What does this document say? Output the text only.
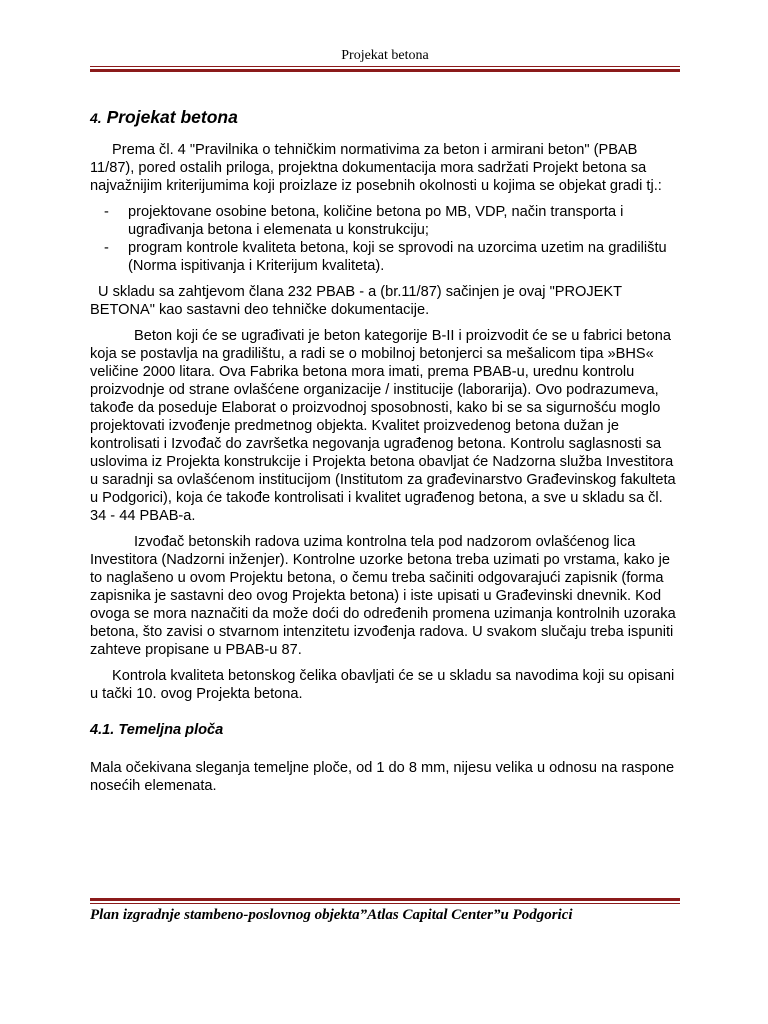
Projekat betona
4. Projekat betona

Prema čl. 4 "Pravilnika o tehničkim normativima za beton i armirani beton" (PBAB 11/87), pored ostalih priloga, projektna dokumentacija mora sadržati Projekt betona sa najvažnijim kriterijumima koji proizlaze iz posebnih okolnosti u kojima se objekat gradi tj.:

- projektovane osobine betona, količine betona po MB, VDP, način transporta i ugrađivanja betona i elemenata u konstrukciju;
- program kontrole kvaliteta betona, koji se sprovodi na uzorcima uzetim na gradilištu (Norma ispitivanja i Kriterijum kvaliteta).

U skladu sa zahtjevom člana 232 PBAB - a (br.11/87) sačinjen je ovaj "PROJEKT BETONA" kao sastavni deo tehničke dokumentacije.

Beton koji će se ugrađivati je beton kategorije B-II i proizvodit će se u fabrici betona koja se postavlja na gradilištu, a radi se o mobilnoj betonjerci sa mešalicom tipa »BHS« veličine 2000 litara. Ova Fabrika betona mora imati, prema PBAB-u, urednu kontrolu proizvodnje od strane ovlašćene organizacije / institucije (laborarija). Ovo podrazumeva, takođe da poseduje Elaborat o proizvodnoj sposobnosti, kako bi se sa sigurnošću moglo projektovati izvođenje predmetnog objekta. Kvalitet proizvedenog betona dužan je kontrolisati i Izvođač do završetka negovanja ugrađenog betona. Kontrolu saglasnosti sa uslovima iz Projekta konstrukcije i Projekta betona obavljat će Nadzorna služba Investitora u saradnji sa ovlašćenom institucijom (Institutom za građevinarstvo Građevinskog fakulteta u Podgorici), koja će takođe kontrolisati i kvalitet ugrađenog betona, a sve u skladu sa čl. 34 - 44 PBAB-a.

Izvođač betonskih radova uzima kontrolna tela pod nadzorom ovlašćenog lica Investitora (Nadzorni inženjer). Kontrolne uzorke betona treba uzimati po vrstama, kako je to naglašeno u ovom Projektu betona, o čemu treba sačiniti odgovarajući zapisnik (forma zapisnika je sastavni deo ovog Projekta betona) i iste upisati u Građevinski dnevnik. Kod ovoga se mora naznačiti da može doći do određenih promena uzimanja kontrolnih uzoraka betona, što zavisi o stvarnom intenzitetu izvođenja radova. U svakom slučaju treba ispuniti zahteve propisane u PBAB-u 87.

Kontrola kvaliteta betonskog čelika obavljati će se u skladu sa navodima koji su opisani u tački 10. ovog Projekta betona.

4.1. Temeljna ploča

Mala očekivana sleganja temeljne ploče, od 1 do 8 mm, nijesu velika u odnosu na raspone nosećih elemenata.

Plan izgradnje stambeno-poslovnog objekta”Atlas Capital Center”u Podgorici
